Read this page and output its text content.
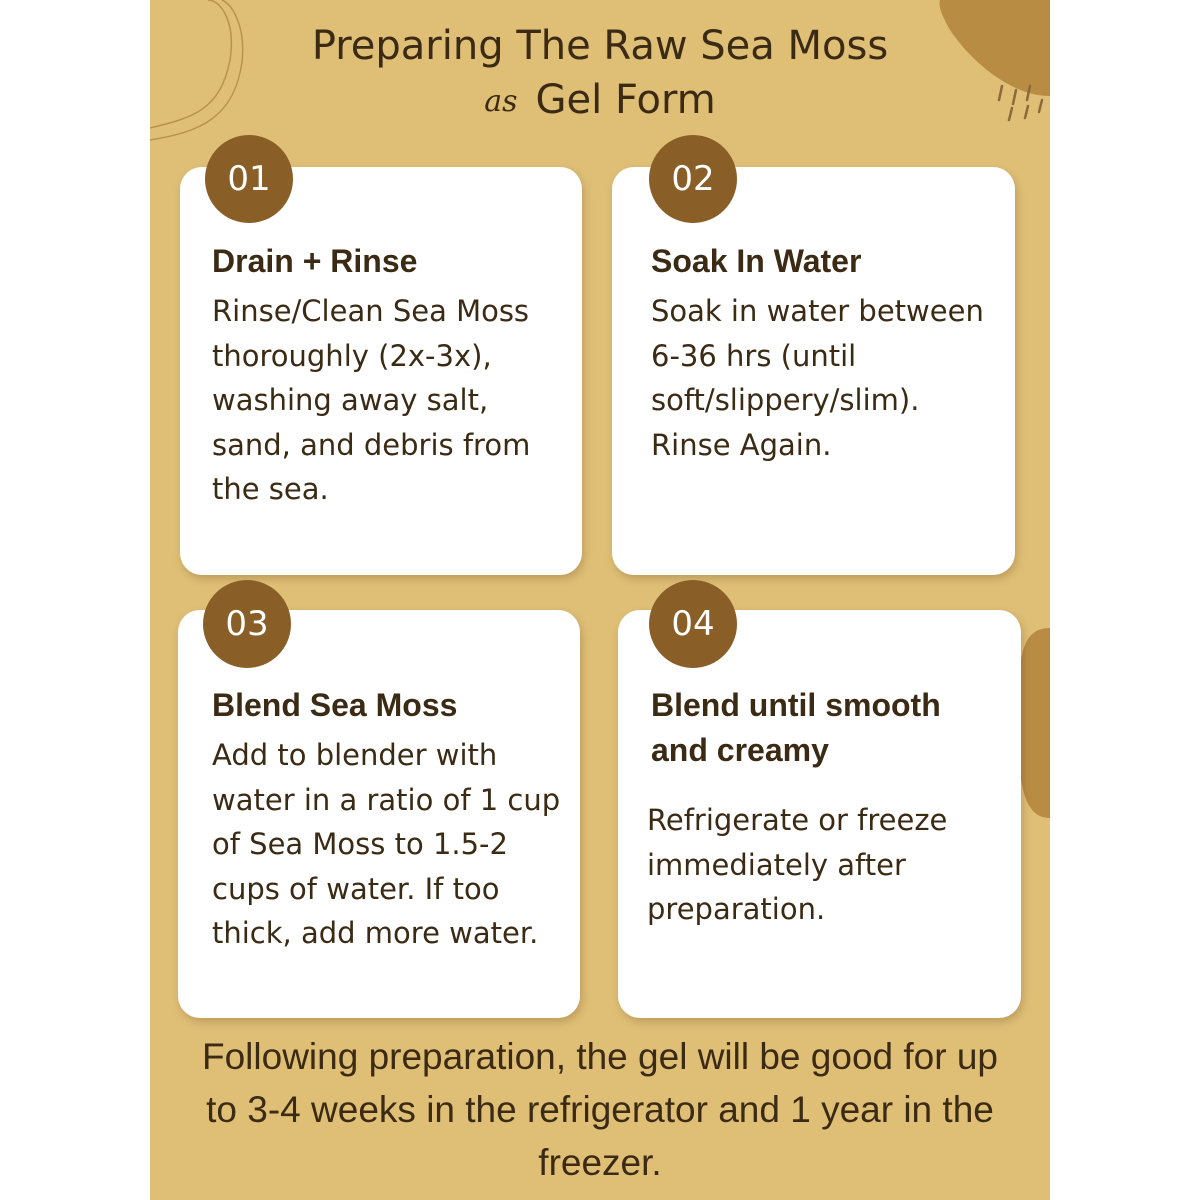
Preparing The Raw Sea Moss
as Gel Form
01

Drain + Rinse

Rinse/Clean Sea Moss thoroughly (2x-3x), washing away salt, sand, and debris from the sea.

02

Soak In Water

Soak in water between 6-36 hrs (until soft/slippery/slim). Rinse Again.

03

Blend Sea Moss

Add to blender with water in a ratio of 1 cup of Sea Moss to 1.5-2 cups of water. If too thick, add more water.

04

Blend until smooth and creamy

Refrigerate or freeze immediately after preparation.

Following preparation, the gel will be good for up to 3-4 weeks in the refrigerator and 1 year in the freezer.
